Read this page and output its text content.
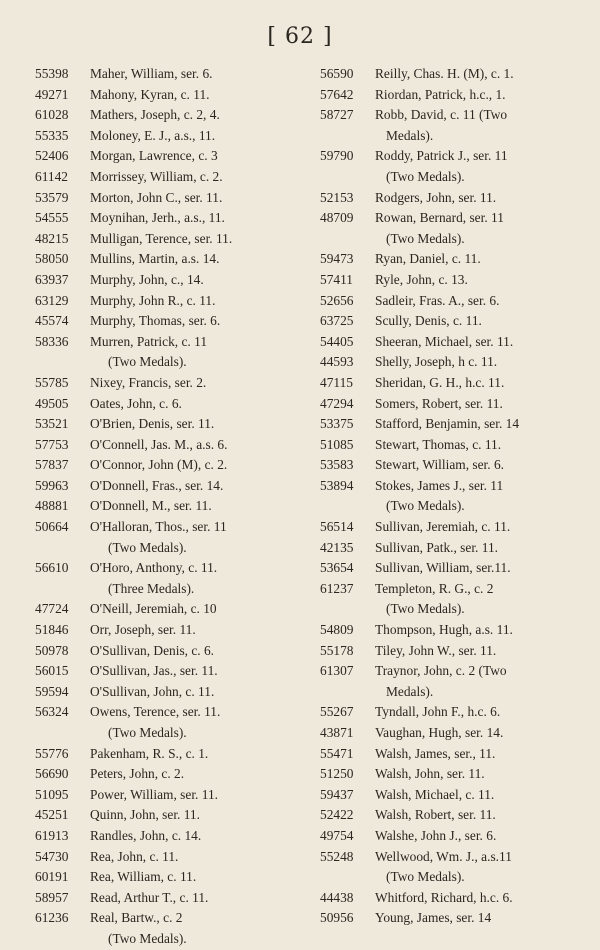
[ 62 ]
55398	Maher, William, ser. 6.
49271	Mahony, Kyran, c. 11.
61028	Mathers, Joseph, c. 2, 4.
55335	Moloney, E. J., a.s., 11.
52406	Morgan, Lawrence, c. 3
61142	Morrissey, William, c. 2.
53579	Morton, John C., ser. 11.
54555	Moynihan, Jerh., a.s., 11.
48215	Mulligan, Terence, ser. 11.
58050	Mullins, Martin, a.s. 14.
63937	Murphy, John, c., 14.
63129	Murphy, John R., c. 11.
45574	Murphy, Thomas, ser. 6.
58336	Murren, Patrick, c. 11
(Two Medals).
55785	Nixey, Francis, ser. 2.
49505	Oates, John, c. 6.
53521	O'Brien, Denis, ser. 11.
57753	O'Connell, Jas. M., a.s. 6.
57837	O'Connor, John (M), c. 2.
59963	O'Donnell, Fras., ser. 14.
48881	O'Donnell, M., ser. 11.
50664	O'Halloran, Thos., ser. 11
(Two Medals).
56610	O'Horo, Anthony, c. 11.
(Three Medals).
47724	O'Neill, Jeremiah, c. 10
51846	Orr, Joseph, ser. 11.
50978	O'Sullivan, Denis, c. 6.
56015	O'Sullivan, Jas., ser. 11.
59594	O'Sullivan, John, c. 11.
56324	Owens, Terence, ser. 11.
(Two Medals).
55776	Pakenham, R. S., c. 1.
56690	Peters, John, c. 2.
51095	Power, William, ser. 11.
45251	Quinn, John, ser. 11.
61913	Randles, John, c. 14.
54730	Rea, John, c. 11.
60191	Rea, William, c. 11.
58957	Read, Arthur T., c. 11.
61236	Real, Bartw., c. 2
(Two Medals).
56590	Reilly, Chas. H. (M), c. 1.
57642	Riordan, Patrick, h.c., 1.
58727	Robb, David, c. 11 (Two
Medals).
59790	Roddy, Patrick J., ser. 11
(Two Medals).
52153	Rodgers, John, ser. 11.
48709	Rowan, Bernard, ser. 11
(Two Medals).
59473	Ryan, Daniel, c. 11.
57411	Ryle, John, c. 13.
52656	Sadleir, Fras. A., ser. 6.
63725	Scully, Denis, c. 11.
54405	Sheeran, Michael, ser. 11.
44593	Shelly, Joseph, h c. 11.
47115	Sheridan, G. H., h.c. 11.
47294	Somers, Robert, ser. 11.
53375	Stafford, Benjamin, ser. 14
51085	Stewart, Thomas, c. 11.
53583	Stewart, William, ser. 6.
53894	Stokes, James J., ser. 11
(Two Medals).
56514	Sullivan, Jeremiah, c. 11.
42135	Sullivan, Patk., ser. 11.
53654	Sullivan, William, ser.11.
61237	Templeton, R. G., c. 2
(Two Medals).
54809	Thompson, Hugh, a.s. 11.
55178	Tiley, John W., ser. 11.
61307	Traynor, John, c. 2 (Two
Medals).
55267	Tyndall, John F., h.c. 6.
43871	Vaughan, Hugh, ser. 14.
55471	Walsh, James, ser., 11.
51250	Walsh, John, ser. 11.
59437	Walsh, Michael, c. 11.
52422	Walsh, Robert, ser. 11.
49754	Walshe, John J., ser. 6.
55248	Wellwood, Wm. J., a.s.11
(Two Medals).
44438	Whitford, Richard, h.c. 6.
50956	Young, James, ser. 14
